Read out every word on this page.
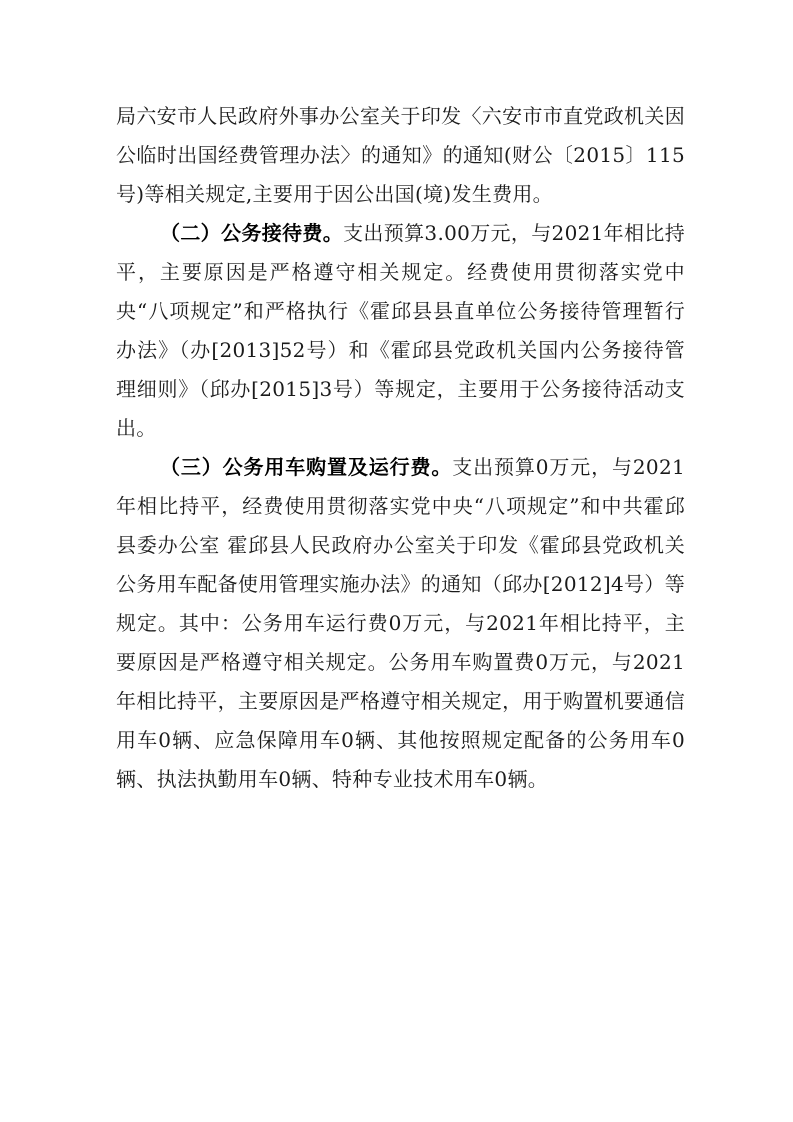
局六安市人民政府外事办公室关于印发〈六安市市直党政机关因公临时出国经费管理办法〉的通知》的通知(财公〔2015〕115号)等相关规定,主要用于因公出国(境)发生费用。

（二）公务接待费。支出预算3.00万元，与2021年相比持平，主要原因是严格遵守相关规定。经费使用贯彻落实党中央“八项规定”和严格执行《霍邱县县直单位公务接待管理暂行办法》（办[2013]52号）和《霍邱县党政机关国内公务接待管理细则》（邱办[2015]3号）等规定，主要用于公务接待活动支出。

（三）公务用车购置及运行费。支出预算0万元，与2021年相比持平，经费使用贯彻落实党中央“八项规定”和中共霍邱县委办公室 霍邱县人民政府办公室关于印发《霍邱县党政机关公务用车配备使用管理实施办法》的通知（邱办[2012]4号）等规定。其中：公务用车运行费0万元，与2021年相比持平，主要原因是严格遵守相关规定。公务用车购置费0万元，与2021年相比持平，主要原因是严格遵守相关规定，用于购置机要通信用车0辆、应急保障用车0辆、其他按照规定配备的公务用车0辆、执法执勤用车0辆、特种专业技术用车0辆。
